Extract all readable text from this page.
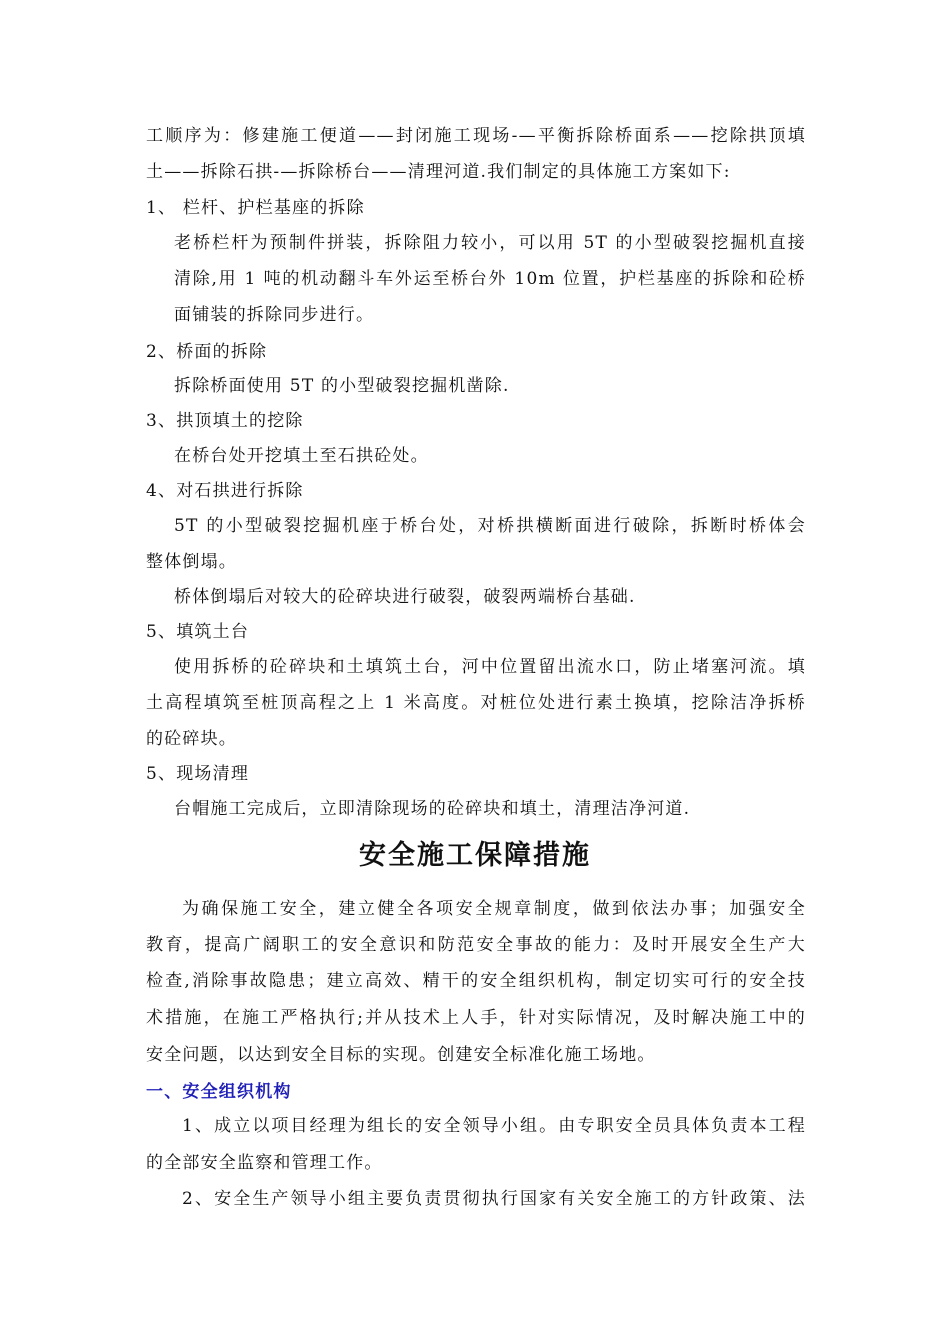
工顺序为：修建施工便道——封闭施工现场-—平衡拆除桥面系——挖除拱顶填
土——拆除石拱-—拆除桥台——清理河道.我们制定的具体施工方案如下:
1、 栏杆、护栏基座的拆除
老桥栏杆为预制件拼装，拆除阻力较小，可以用 5T 的小型破裂挖掘机直接
清除,用 1 吨的机动翻斗车外运至桥台外 10m 位置，护栏基座的拆除和砼桥
面铺装的拆除同步进行。
2、桥面的拆除
拆除桥面使用 5T 的小型破裂挖掘机凿除.
3、拱顶填土的挖除
在桥台处开挖填土至石拱砼处。
4、对石拱进行拆除
5T 的小型破裂挖掘机座于桥台处，对桥拱横断面进行破除，拆断时桥体会
整体倒塌。
桥体倒塌后对较大的砼碎块进行破裂，破裂两端桥台基础.
5、填筑土台
使用拆桥的砼碎块和土填筑土台，河中位置留出流水口，防止堵塞河流。填
土高程填筑至桩顶高程之上 1 米高度。对桩位处进行素土换填，挖除洁净拆桥
的砼碎块。
5、现场清理
台帽施工完成后，立即清除现场的砼碎块和填土，清理洁净河道.
安全施工保障措施
为确保施工安全，建立健全各项安全规章制度，做到依法办事；加强安全
教育，提高广阔职工的安全意识和防范安全事故的能力：及时开展安全生产大
检查,消除事故隐患；建立高效、精干的安全组织机构，制定切实可行的安全技
术措施，在施工严格执行;并从技术上人手，针对实际情况，及时解决施工中的
安全问题，以达到安全目标的实现。创建安全标准化施工场地。
一、安全组织机构
1、成立以项目经理为组长的安全领导小组。由专职安全员具体负责本工程
的全部安全监察和管理工作。
2、安全生产领导小组主要负责贯彻执行国家有关安全施工的方针政策、法
